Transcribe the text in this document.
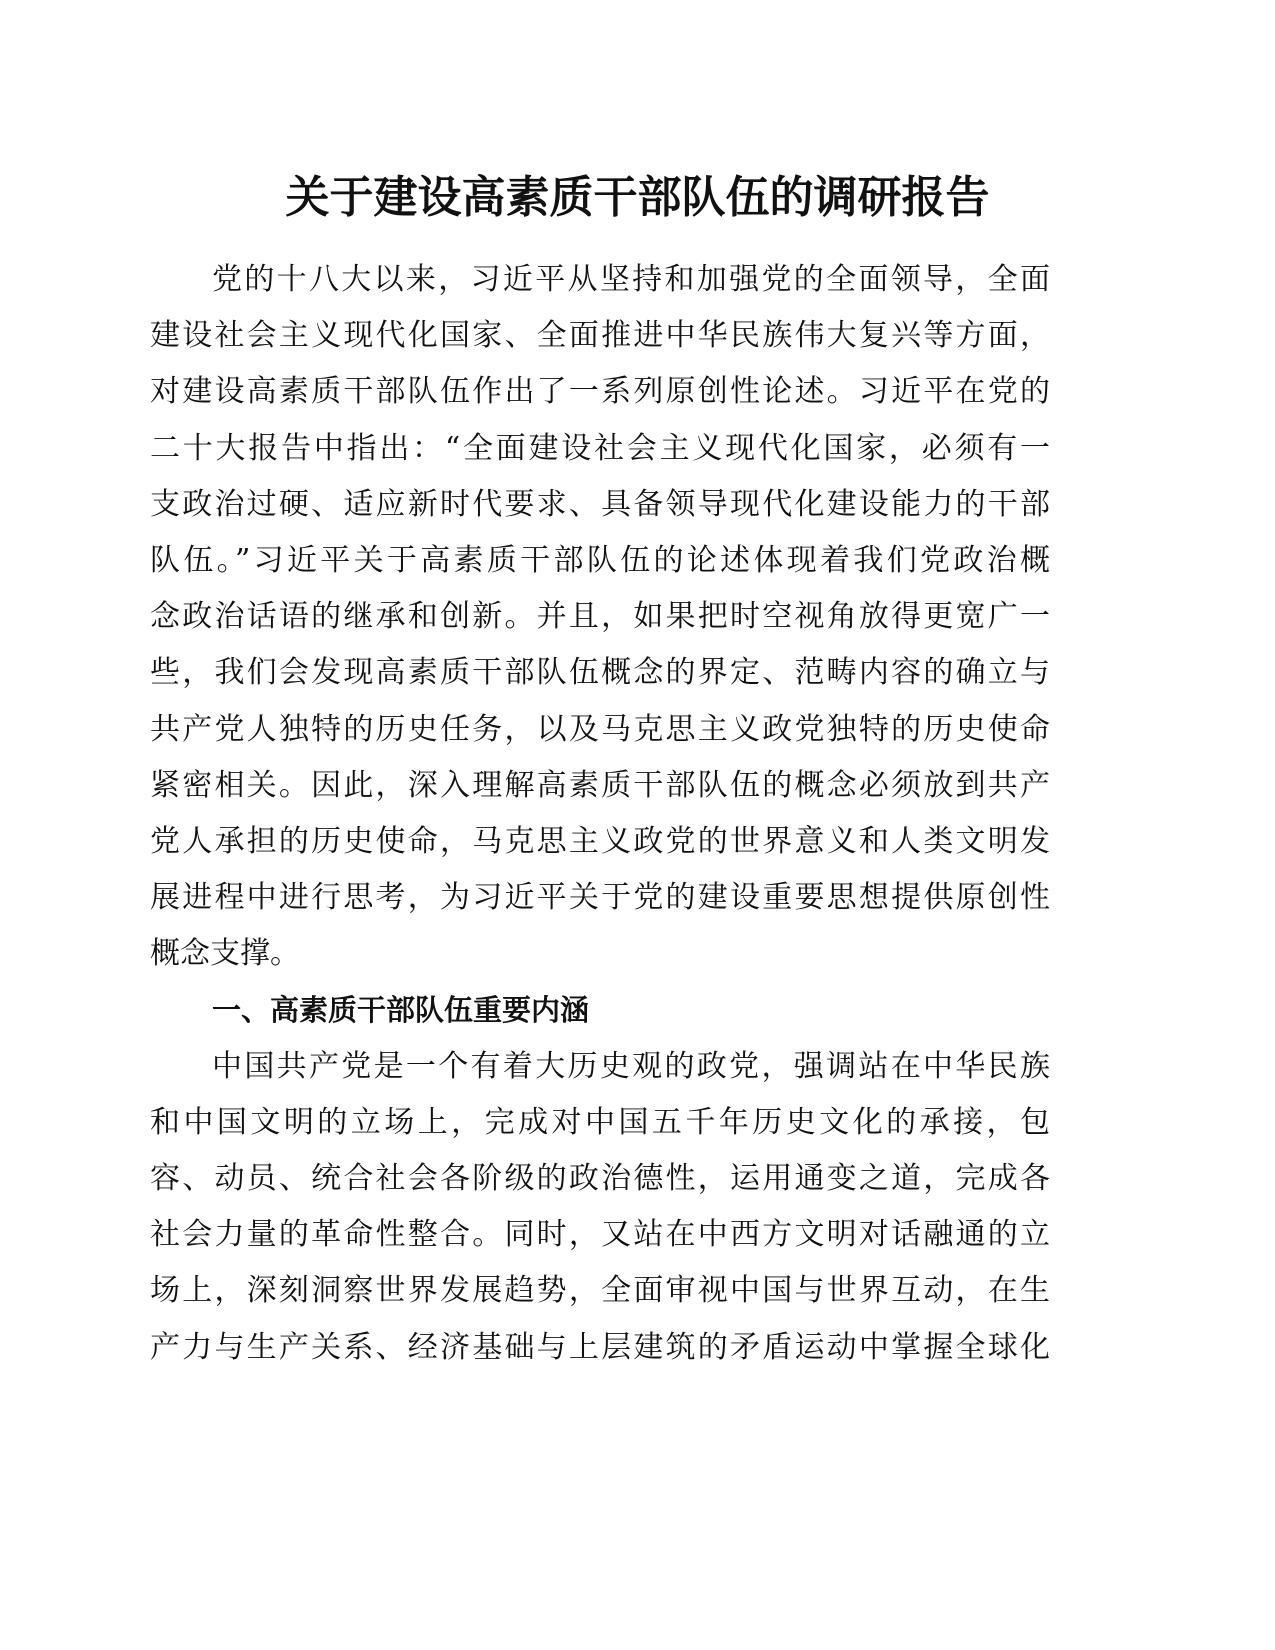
关于建设高素质干部队伍的调研报告
党的十八大以来，习近平从坚持和加强党的全面领导，全面
建设社会主义现代化国家、全面推进中华民族伟大复兴等方面，
对建设高素质干部队伍作出了一系列原创性论述。习近平在党的
二十大报告中指出：“全面建设社会主义现代化国家，必须有一
支政治过硬、适应新时代要求、具备领导现代化建设能力的干部
队伍。”习近平关于高素质干部队伍的论述体现着我们党政治概
念政治话语的继承和创新。并且，如果把时空视角放得更宽广一
些，我们会发现高素质干部队伍概念的界定、范畴内容的确立与
共产党人独特的历史任务，以及马克思主义政党独特的历史使命
紧密相关。因此，深入理解高素质干部队伍的概念必须放到共产
党人承担的历史使命，马克思主义政党的世界意义和人类文明发
展进程中进行思考，为习近平关于党的建设重要思想提供原创性
概念支撑。
一、高素质干部队伍重要内涵
中国共产党是一个有着大历史观的政党，强调站在中华民族
和中国文明的立场上，完成对中国五千年历史文化的承接，包
容、动员、统合社会各阶级的政治德性，运用通变之道，完成各
社会力量的革命性整合。同时，又站在中西方文明对话融通的立
场上，深刻洞察世界发展趋势，全面审视中国与世界互动，在生
产力与生产关系、经济基础与上层建筑的矛盾运动中掌握全球化
